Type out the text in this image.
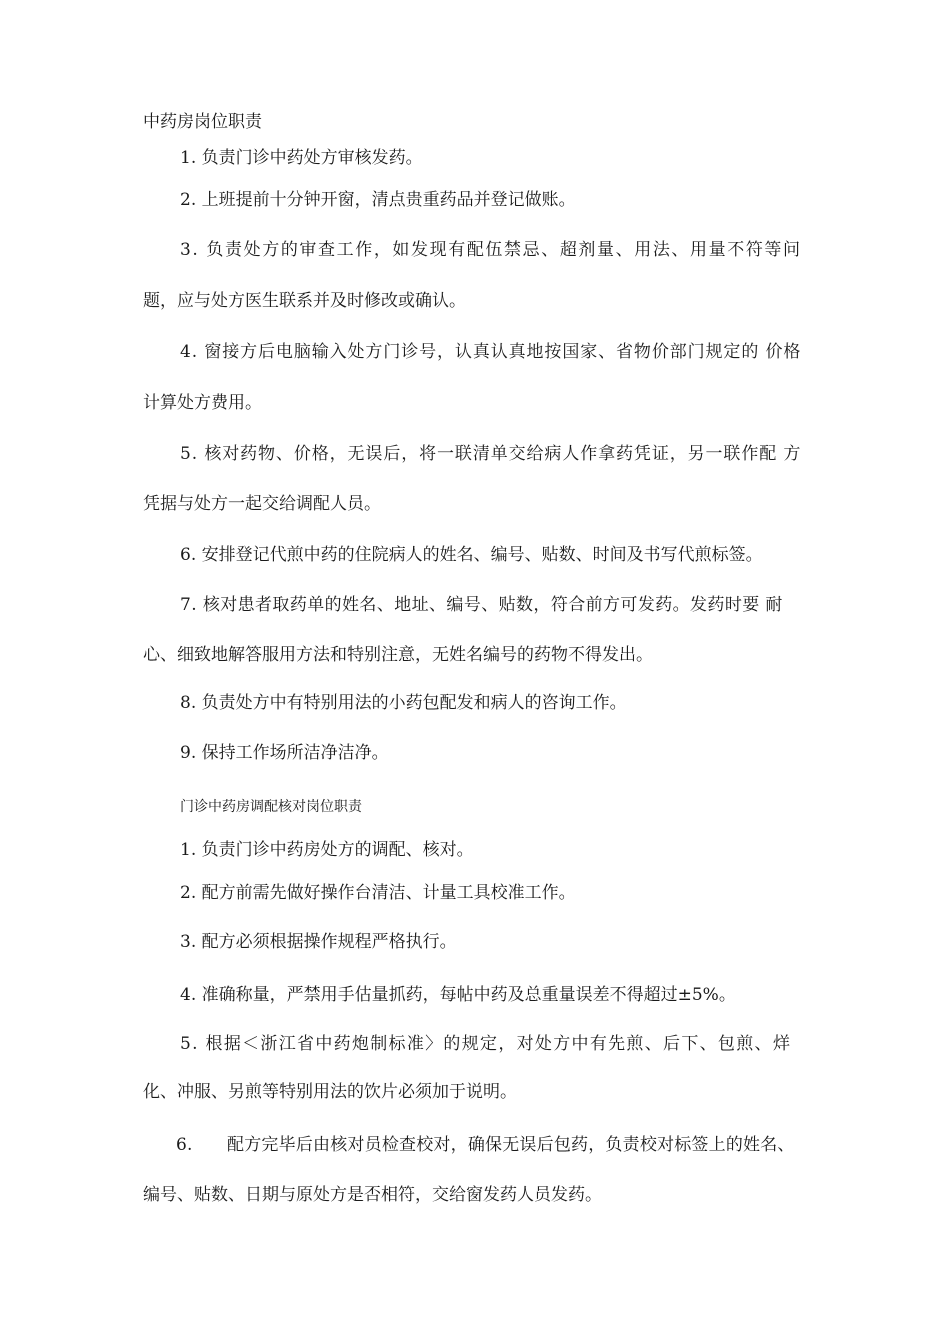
中药房岗位职责

1. 负责门诊中药处方审核发药。

2. 上班提前十分钟开窗，清点贵重药品并登记做账。

3. 负责处方的审查工作，如发现有配伍禁忌、超剂量、用法、用量不符等问

题，应与处方医生联系并及时修改或确认。

4. 窗接方后电脑输入处方门诊号，认真认真地按国家、省物价部门规定的 价格

计算处方费用。

5. 核对药物、价格，无误后，将一联清单交给病人作拿药凭证，另一联作配 方

凭据与处方一起交给调配人员。

6. 安排登记代煎中药的住院病人的姓名、编号、贴数、时间及书写代煎标签。

7. 核对患者取药单的姓名、地址、编号、贴数，符合前方可发药。发药时要 耐

心、细致地解答服用方法和特别注意，无姓名编号的药物不得发出。

8. 负责处方中有特别用法的小药包配发和病人的咨询工作。

9. 保持工作场所洁净洁净。

门诊中药房调配核对岗位职责

1. 负责门诊中药房处方的调配、核对。

2. 配方前需先做好操作台清洁、计量工具校准工作。

3. 配方必须根据操作规程严格执行。

4. 准确称量，严禁用手估量抓药，每帖中药及总重量误差不得超过±5%。

5. 根据＜浙江省中药炮制标准〉的规定，对处方中有先煎、后下、包煎、烊

化、冲服、另煎等特别用法的饮片必须加于说明。

6.　　配方完毕后由核对员检查校对，确保无误后包药，负责校对标签上的姓名、

编号、贴数、日期与原处方是否相符，交给窗发药人员发药。
